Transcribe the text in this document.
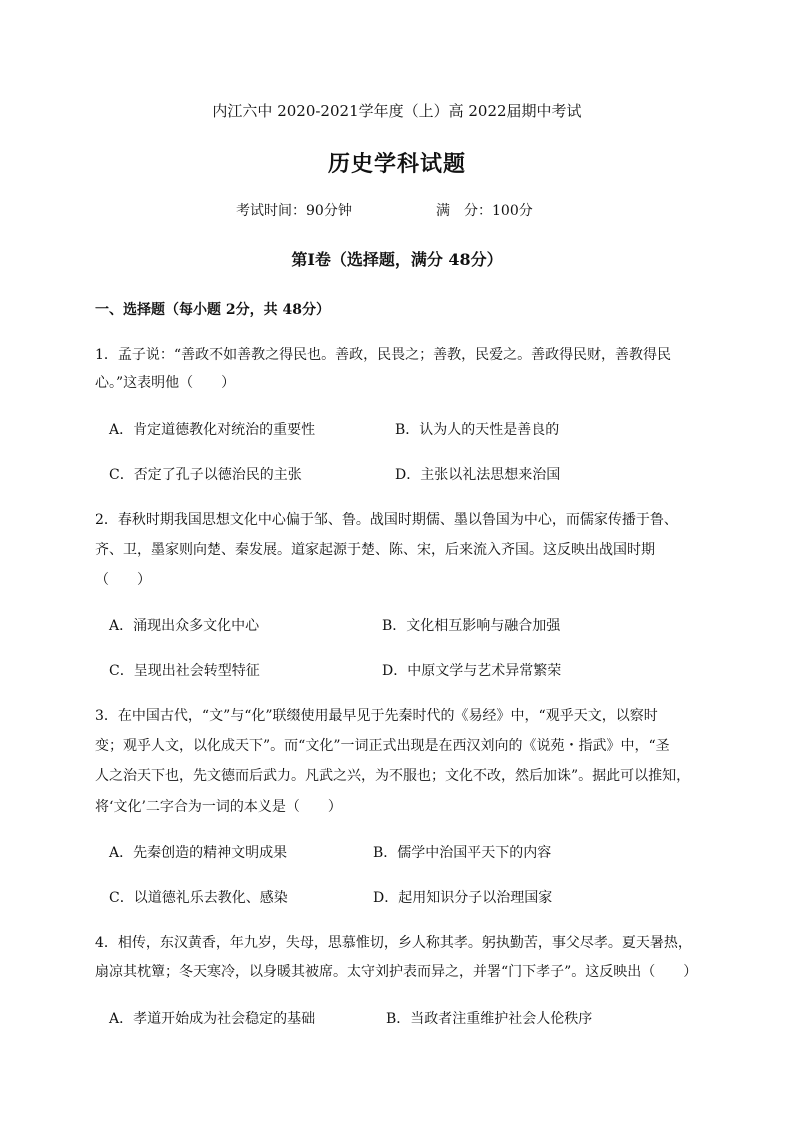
内江六中 2020-2021学年度（上）高 2022届期中考试
历史学科试题
考试时间：90分钟	满　分：100分
第Ⅰ卷（选择题，满分 48分）
一、选择题（每小题 2分，共 48分）
1．孟子说：“善政不如善教之得民也。善政，民畏之；善教，民爱之。善政得民财，善教得民
心。”这表明他（　　）
A．肯定道德教化对统治的重要性	B．认为人的天性是善良的
C．否定了孔子以德治民的主张	D．主张以礼法思想来治国
2．春秋时期我国思想文化中心偏于邹、鲁。战国时期儒、墨以鲁国为中心，而儒家传播于鲁、
齐、卫，墨家则向楚、秦发展。道家起源于楚、陈、宋，后来流入齐国。这反映出战国时期
（　　）
A．涌现出众多文化中心	B．文化相互影响与融合加强
C．呈现出社会转型特征	D．中原文学与艺术异常繁荣
3．在中国古代，“文”与“化”联缀使用最早见于先秦时代的《易经》中，“观乎天文，以察时
变；观乎人文，以化成天下”。而“文化”一词正式出现是在西汉刘向的《说苑・指武》中，“圣
人之治天下也，先文德而后武力。凡武之兴，为不服也；文化不改，然后加诛”。据此可以推知，
将‘文化’二字合为一词的本义是（　　）
A．先秦创造的精神文明成果	B．儒学中治国平天下的内容
C．以道德礼乐去教化、感染	D．起用知识分子以治理国家
4．相传，东汉黄香，年九岁，失母，思慕惟切，乡人称其孝。躬执勤苦，事父尽孝。夏天暑热，
扇凉其枕簟；冬天寒冷，以身暖其被席。太守刘护表而异之，并署“门下孝子”。这反映出（　　）
A．孝道开始成为社会稳定的基础	B．当政者注重维护社会人伦秩序
